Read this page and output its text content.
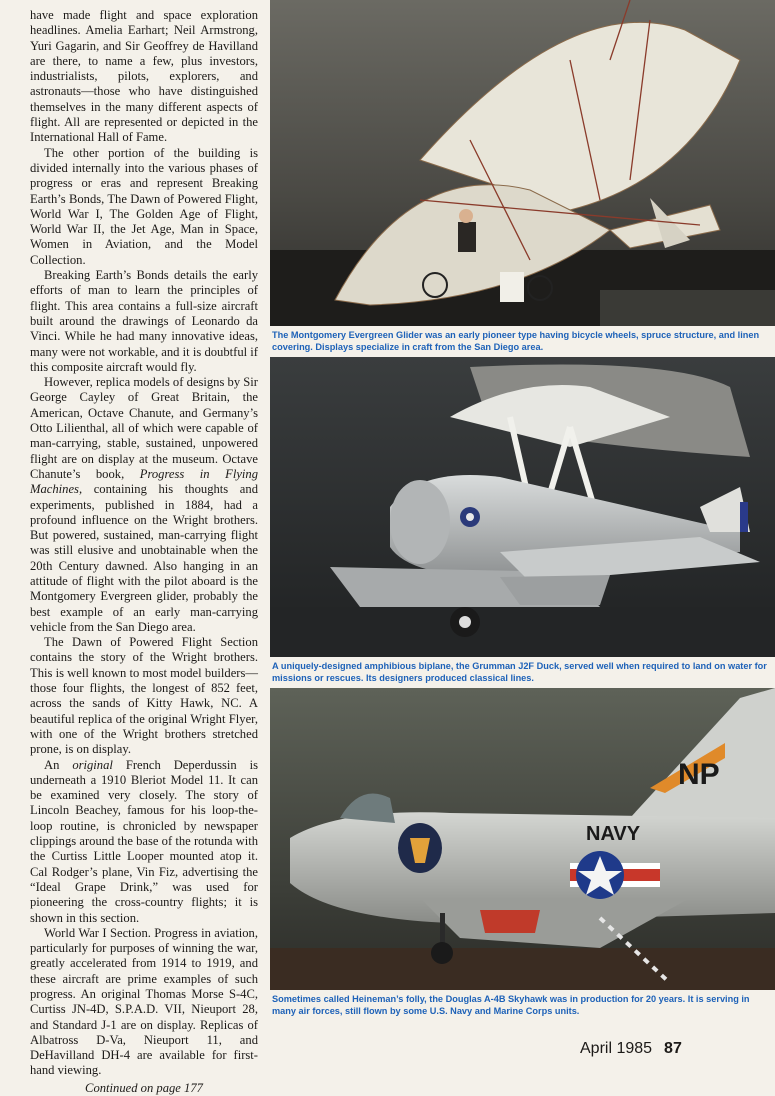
have made flight and space exploration headlines. Amelia Earhart; Neil Armstrong, Yuri Gagarin, and Sir Geoffrey de Havilland are there, to name a few, plus investors, industrialists, pilots, explorers, and astronauts—those who have distinguished themselves in the many different aspects of flight. All are represented or depicted in the International Hall of Fame.

The other portion of the building is divided internally into the various phases of progress or eras and represent Breaking Earth’s Bonds, The Dawn of Powered Flight, World War I, The Golden Age of Flight, World War II, the Jet Age, Man in Space, Women in Aviation, and the Model Collection.

Breaking Earth’s Bonds details the early efforts of man to learn the principles of flight. This area contains a full-size aircraft built around the drawings of Leonardo da Vinci. While he had many innovative ideas, many were not workable, and it is doubtful if this composite aircraft would fly.

However, replica models of designs by Sir George Cayley of Great Britain, the American, Octave Chanute, and Germany’s Otto Lilienthal, all of which were capable of man-carrying, stable, sustained, unpowered flight are on display at the museum. Octave Chanute’s book, Progress in Flying Machines, containing his thoughts and experiments, published in 1884, had a profound influence on the Wright brothers. But powered, sustained, man-carrying flight was still elusive and unobtainable when the 20th Century dawned. Also hanging in an attitude of flight with the pilot aboard is the Montgomery Evergreen glider, probably the best example of an early man-carrying vehicle from the San Diego area.

The Dawn of Powered Flight Section contains the story of the Wright brothers. This is well known to most model builders—those four flights, the longest of 852 feet, across the sands of Kitty Hawk, NC. A beautiful replica of the original Wright Flyer, with one of the Wright brothers stretched prone, is on display.

An original French Deperdussin is underneath a 1910 Bleriot Model 11. It can be examined very closely. The story of Lincoln Beachey, famous for his loop-the-loop routine, is chronicled by newspaper clippings around the base of the rotunda with the Curtiss Little Looper mounted atop it. Cal Rodger’s plane, Vin Fiz, advertising the “Ideal Grape Drink,” was used for pioneering the cross-country flights; it is shown in this section.

World War I Section. Progress in aviation, particularly for purposes of winning the war, greatly accelerated from 1914 to 1919, and these aircraft are prime examples of such progress. An original Thomas Morse S-4C, Curtiss JN-4D, S.P.A.D. VII, Nieuport 28, and Standard J-1 are on display. Replicas of Albatross D-Va, Nieuport 11, and DeHavilland DH-4 are available for first-hand viewing.

Continued on page 177

The Montgomery Evergreen Glider was an early pioneer type having bicycle wheels, spruce structure, and linen covering. Displays specialize in craft from the San Diego area.

A uniquely-designed amphibious biplane, the Grumman J2F Duck, served well when required to land on water for missions or rescues. Its designers produced classical lines.

NP
NAVY

Sometimes called Heineman’s folly, the Douglas A-4B Skyhawk was in production for 20 years. It is serving in many air forces, still flown by some U.S. Navy and Marine Corps units.

April 1985 87
